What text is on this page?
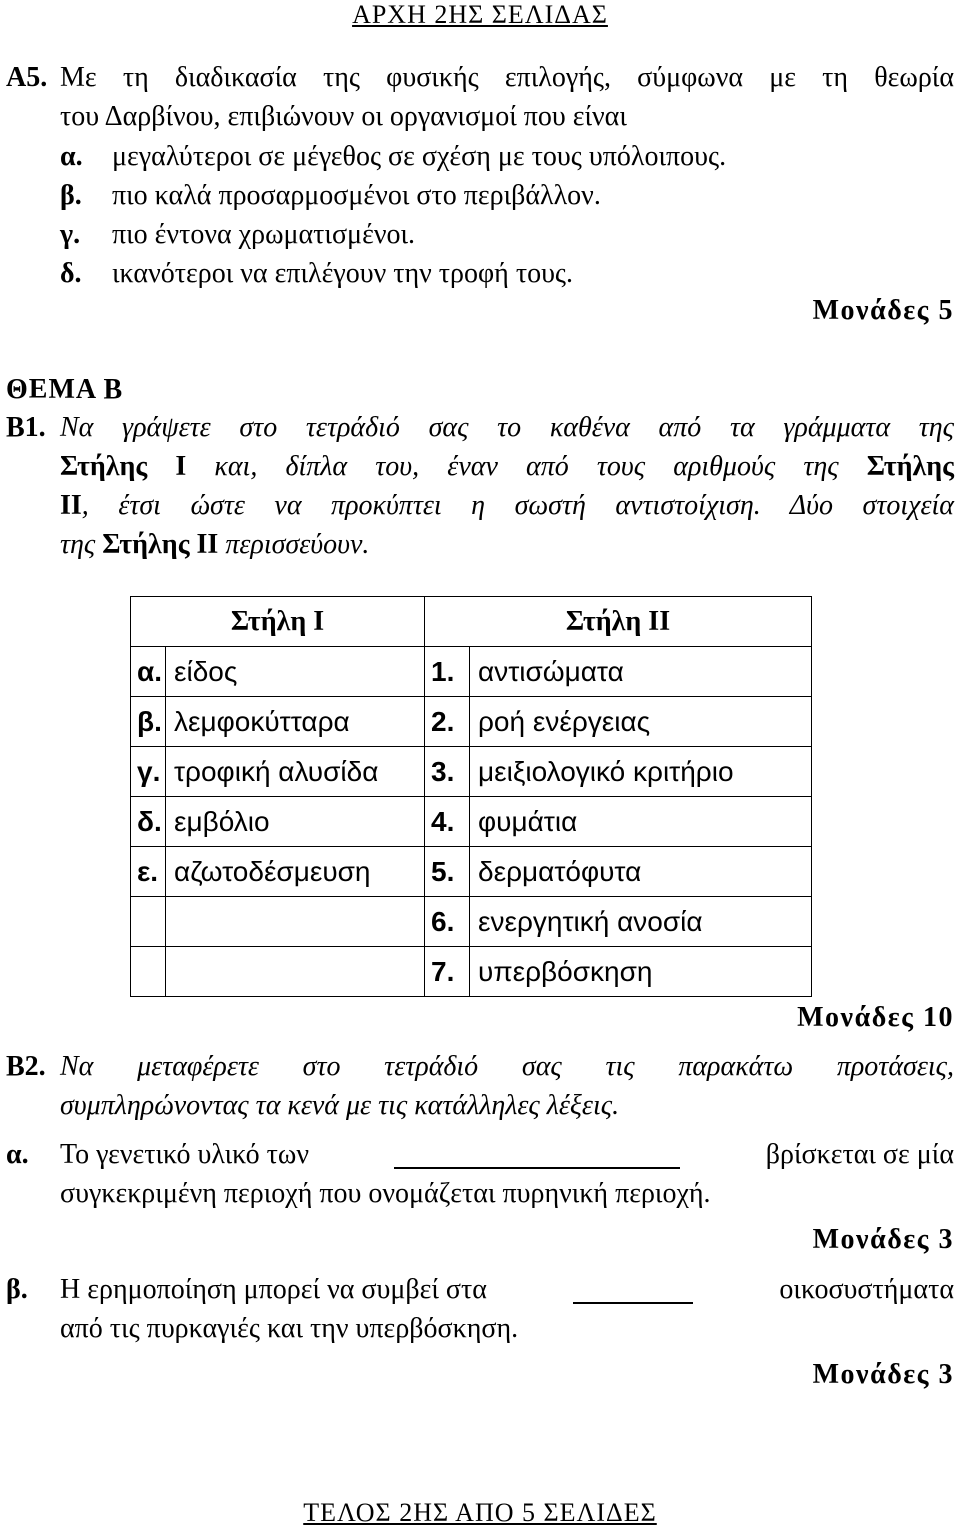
ΑΡΧΗ 2ΗΣ ΣΕΛΙΔΑΣ
Α5. Με τη διαδικασία της φυσικής επιλογής, σύμφωνα με τη θεωρία
του Δαρβίνου, επιβιώνουν οι οργανισμοί που είναι
α. μεγαλύτεροι σε μέγεθος σε σχέση με τους υπόλοιπους.
β. πιο καλά προσαρμοσμένοι στο περιβάλλον.
γ. πιο έντονα χρωματισμένοι.
δ. ικανότεροι να επιλέγουν την τροφή τους.
Μονάδες 5
ΘΕΜΑ Β
Β1. Να γράψετε στο τετράδιό σας το καθένα από τα γράμματα της
Στήλης Ι και, δίπλα του, έναν από τους αριθμούς της Στήλης
ΙΙ, έτσι ώστε να προκύπτει η σωστή αντιστοίχιση. Δύο στοιχεία
της Στήλης ΙΙ περισσεύουν.
Στήλη Ι		Στήλη ΙΙ	
α.	είδος	1.	αντισώματα
β.	λεμφοκύτταρα	2.	ροή ενέργειας
γ.	τροφική αλυσίδα	3.	μειξιολογικό κριτήριο
δ.	εμβόλιο	4.	φυμάτια
ε.	αζωτοδέσμευση	5.	δερματόφυτα
		6.	ενεργητική ανοσία
		7.	υπερβόσκηση
Μονάδες 10
Β2. Να μεταφέρετε στο τετράδιό σας τις παρακάτω προτάσεις,
συμπληρώνοντας τα κενά με τις κατάλληλες λέξεις.
α. Το γενετικό υλικό των	βρίσκεται σε μία
συγκεκριμένη περιοχή που ονομάζεται πυρηνική περιοχή.
Μονάδες 3
β. Η ερημοποίηση μπορεί να συμβεί στα	οικοσυστήματα
από τις πυρκαγιές και την υπερβόσκηση.
Μονάδες 3
ΤΕΛΟΣ 2ΗΣ ΑΠΟ 5 ΣΕΛΙΔΕΣ
